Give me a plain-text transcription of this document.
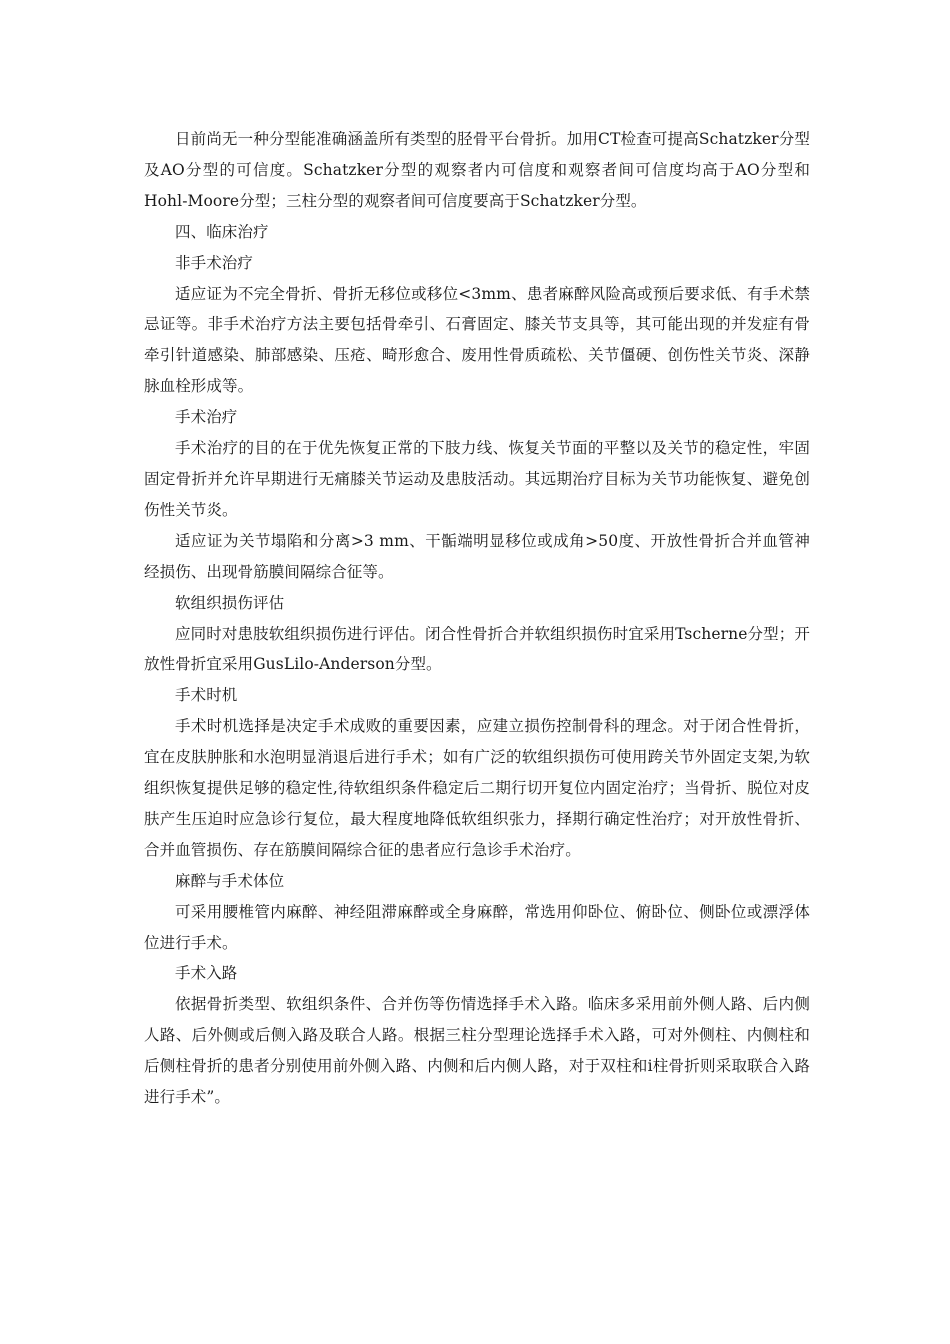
日前尚无一种分型能准确涵盖所有类型的胫骨平台骨折。加用CT检查可提高Schatzker分型及AO分型的可信度。Schatzker分型的观察者内可信度和观察者间可信度均高于AO分型和Hohl-Moore分型；三柱分型的观察者间可信度要高于Schatzker分型。

四、临床治疗

非手术治疗

适应证为不完全骨折、骨折无移位或移位<3mm、患者麻醉风险高或预后要求低、有手术禁忌证等。非手术治疗方法主要包括骨牵引、石膏固定、膝关节支具等，其可能出现的并发症有骨牵引针道感染、肺部感染、压疮、畸形愈合、废用性骨质疏松、关节僵硬、创伤性关节炎、深静脉血栓形成等。

手术治疗

手术治疗的目的在于优先恢复正常的下肢力线、恢复关节面的平整以及关节的稳定性，牢固固定骨折并允许早期进行无痛膝关节运动及患肢活动。其远期治疗目标为关节功能恢复、避免创伤性关节炎。

适应证为关节塌陷和分离>3 mm、干骺端明显移位或成角>50度、开放性骨折合并血管神经损伤、出现骨筋膜间隔综合征等。

软组织损伤评估

应同时对患肢软组织损伤进行评估。闭合性骨折合并软组织损伤时宜采用Tscherne分型；开放性骨折宜采用GusLilo-Anderson分型。

手术时机

手术时机选择是决定手术成败的重要因素，应建立损伤控制骨科的理念。对于闭合性骨折，宜在皮肤肿胀和水泡明显消退后进行手术；如有广泛的软组织损伤可使用跨关节外固定支架,为软组织恢复提供足够的稳定性,待软组织条件稳定后二期行切开复位内固定治疗；当骨折、脱位对皮肤产生压迫时应急诊行复位，最大程度地降低软组织张力，择期行确定性治疗；对开放性骨折、合并血管损伤、存在筋膜间隔综合征的患者应行急诊手术治疗。

麻醉与手术体位

可采用腰椎管内麻醉、神经阻滞麻醉或全身麻醉，常选用仰卧位、俯卧位、侧卧位或漂浮体位进行手术。

手术入路

依据骨折类型、软组织条件、合并伤等伤情选择手术入路。临床多采用前外侧人路、后内侧人路、后外侧或后侧入路及联合人路。根据三柱分型理论选择手术入路，可对外侧柱、内侧柱和后侧柱骨折的患者分别使用前外侧入路、内侧和后内侧人路，对于双柱和i柱骨折则采取联合入路进行手术”。
